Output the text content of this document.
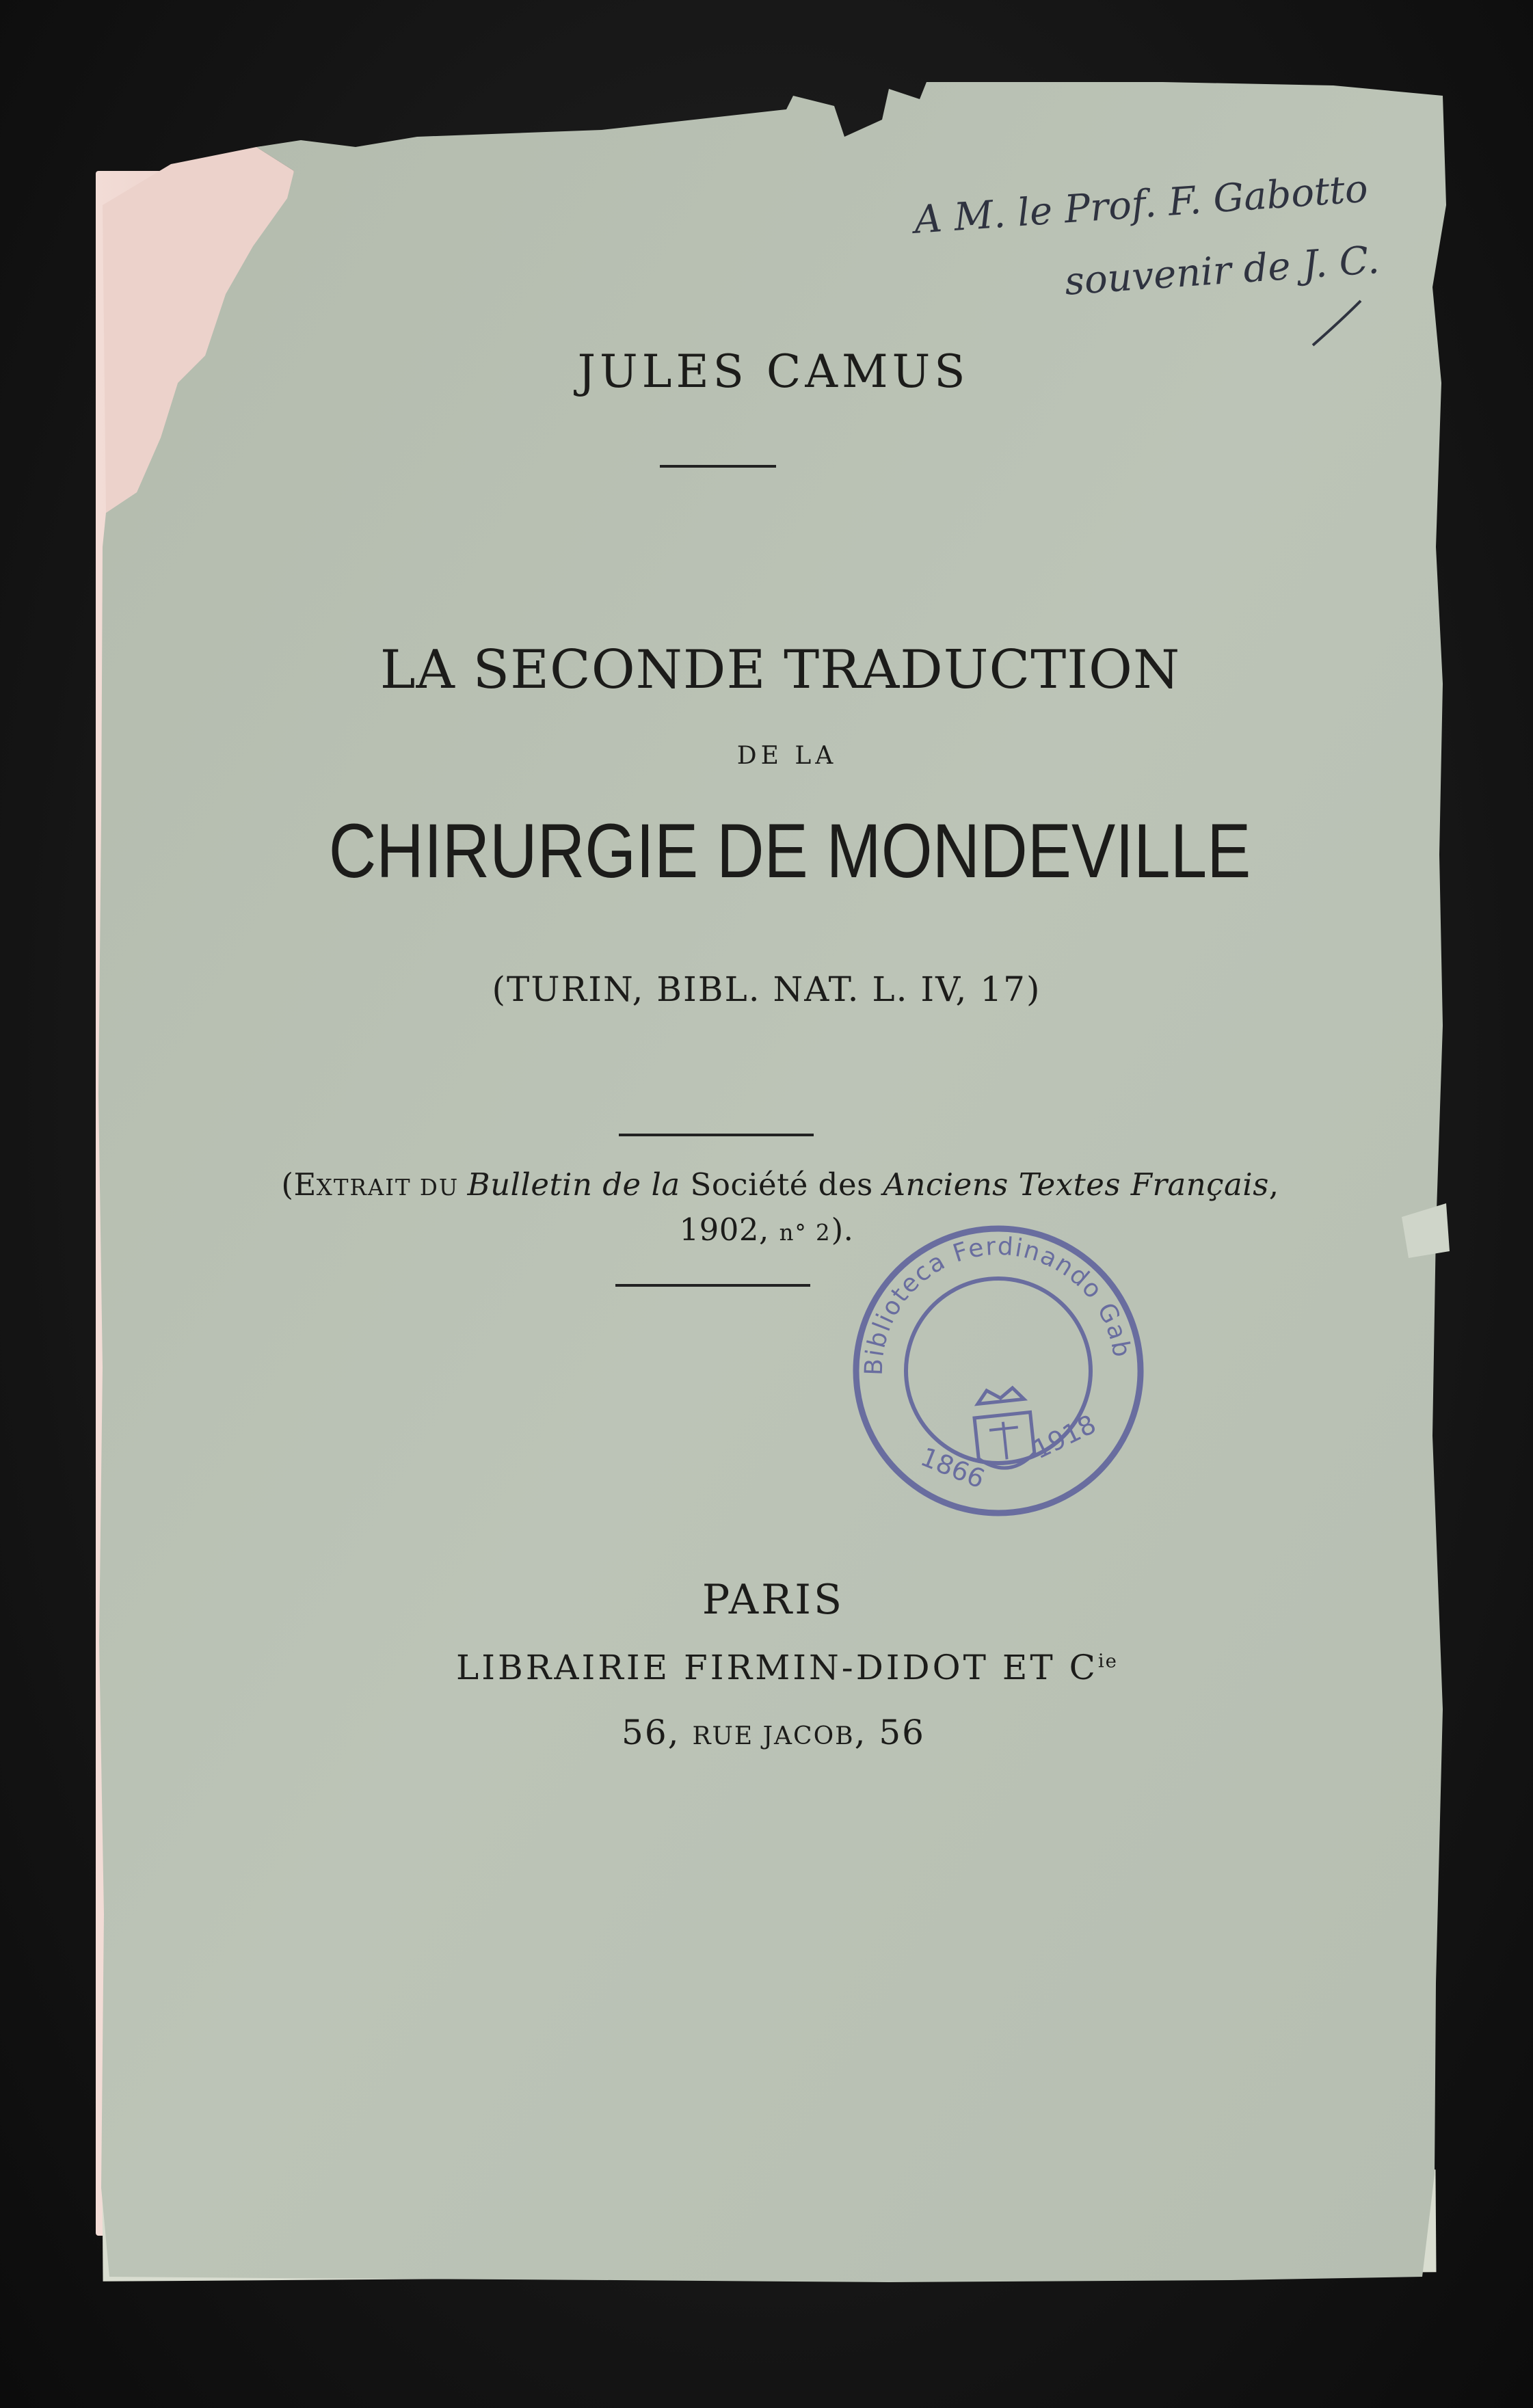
JULES CAMUS
LA SECONDE TRADUCTION
DE LA
CHIRURGIE DE MONDEVILLE
(TURIN, BIBL. NAT. L. IV, 17)
(EXTRAIT DU Bulletin de la Société des Anciens Textes Français,
1902, n° 2).
PARIS
LIBRAIRIE FIRMIN-DIDOT ET $C^{ie}$
56, RUE JACOB, 56
A M. le Prof. F. Gabotto
souvenir de J. C.
Biblioteca Ferdinando Gabotto
1866
1918
